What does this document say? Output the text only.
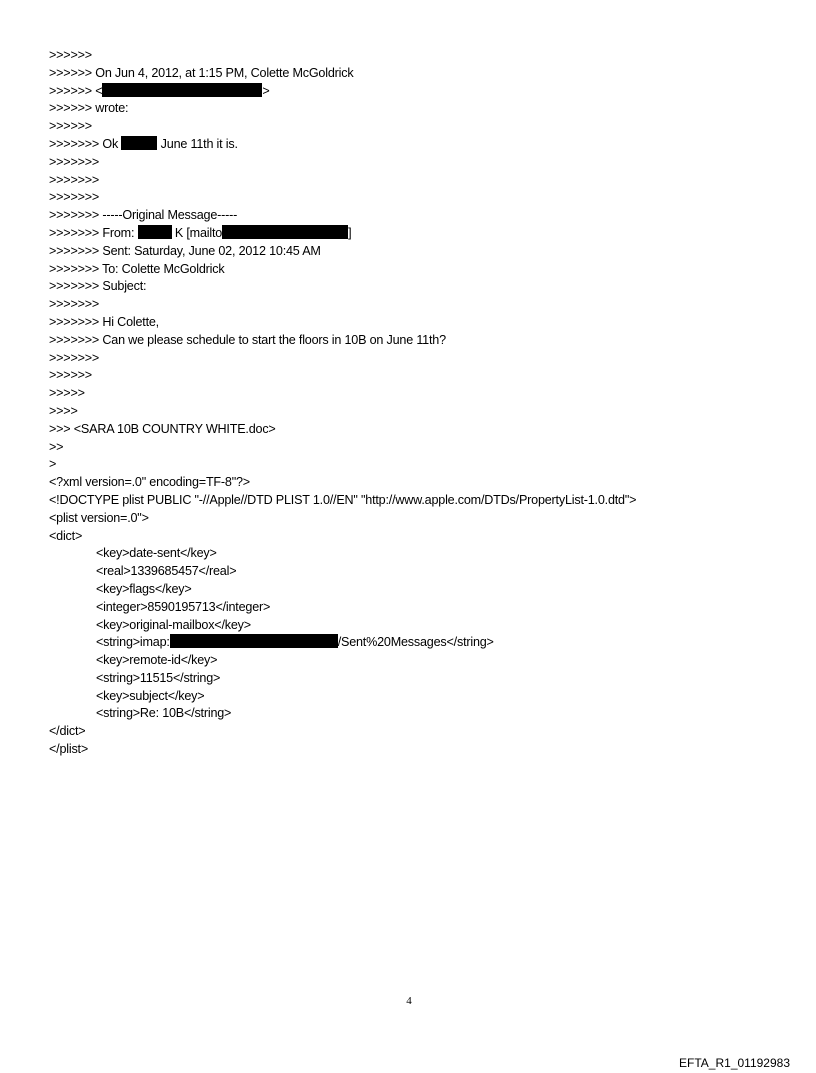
>>>>>>
>>>>>> On Jun 4, 2012, at 1:15 PM, Colette McGoldrick
>>>>>> <	>
>>>>>> wrote:
>>>>>>
>>>>>>> Ok	June 11th it is.
>>>>>>>
>>>>>>>
>>>>>>>
>>>>>>> -----Original Message-----
>>>>>>> From:	K [mailto	]
>>>>>>> Sent: Saturday, June 02, 2012 10:45 AM
>>>>>>> To: Colette McGoldrick
>>>>>>> Subject:
>>>>>>>
>>>>>>> Hi Colette,
>>>>>>> Can we please schedule to start the floors in 10B on June 11th?
>>>>>>>
>>>>>>
>>>>>
>>>>
>>> <SARA 10B COUNTRY WHITE.doc>
>>
>
<?xml version=.0" encoding=TF-8"?>
<!DOCTYPE plist PUBLIC "-//Apple//DTD PLIST 1.0//EN" "http://www.apple.com/DTDs/PropertyList-1.0.dtd">
<plist version=.0">
<dict>
<key>date-sent</key>
<real>1339685457</real>
<key>flags</key>
<integer>8590195713</integer>
<key>original-mailbox</key>
<string>imap:	/Sent%20Messages</string>
<key>remote-id</key>
<string>11515</string>
<key>subject</key>
<string>Re: 10B</string>
</dict>
</plist>
4
EFTA_R1_01192983
